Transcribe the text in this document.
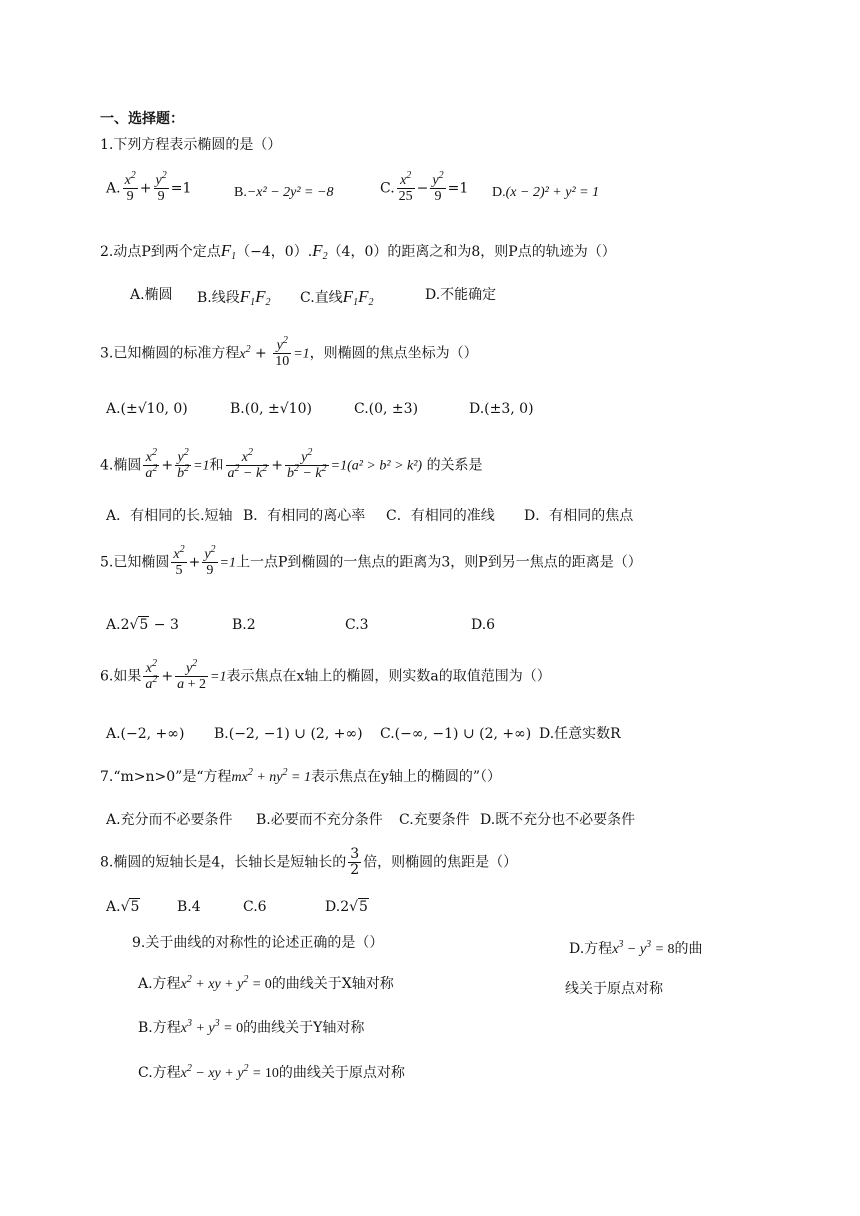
一、选择题：
1.下列方程表示椭圆的是（）
A. $\frac{x^2}{9} + \frac{y^2}{9} =1$	B.−x² − 2y² = −8	C. $\frac{x^2}{25} - \frac{y^2}{9} =1$ D.(x − 2)² + y² = 1
2.动点P到两个定点$F_1(-4$，$0).F_2(4$，0）的距离之和为8，则P点的轨迹为（）
A.椭圆 B.线段$F_1F_2$ C.直线$F_1F_2$	D.不能确定
3.已知椭圆的标准方程$x^2 + \frac{y^2}{10} =1$，则椭圆的焦点坐标为（）
A.(±√10, 0)	B.(0, ±√10)	C.(0, ±3)	D.(±3, 0)
4.椭圆 $\frac{x^2}{a^2} + \frac{y^2}{b^2} =1$和 $\frac{x^2}{a^2 - k^2} + \frac{y^2}{b^2 - k^2} =1(a^2 > b^2 > k^2)$ 的关系是
A．有相同的长.短轴 B．有相同的离心率 C．有相同的准线 D．有相同的焦点
5.已知椭圆 $\frac{x^2}{5} + \frac{y^2}{9} =1$上一点P到椭圆的一焦点的距离为3，则P到另一焦点的距离是（）
A.2√5 − 3	B.2	C.3	D.6
6.如果 $\frac{x^2}{a^2} + \frac{y^2}{a + 2} =1$表示焦点在x轴上的椭圆，则实数a的取值范围为（）
A.(−2, +∞) B.(−2, −1) ∪ (2, +∞) C.(−∞, −1) ∪ (2, +∞) D.任意实数R
7.“m>n>0”是“方程$mx^2 + ny^2 = 1$表示焦点在y轴上的椭圆的”（）
A.充分而不必要条件 B.必要而不充分条件 C.充要条件 D.既不充分也不必要条件
8.椭圆的短轴长是4，长轴长是短轴长的 $\frac{3}{2}$ 倍，则椭圆的焦距是（）
A.√5	B.4	C.6	D.2√5
9.关于曲线的对称性的论述正确的是（）
A.方程$x^2$ + xy + $y^2 = 0$的曲线关于X轴对称
B.方程$x^3 + y^3 = 0$的曲线关于Y轴对称
C.方程$x^2$ − xy + $y^2 = 10$的曲线关于原点对称
D.方程$x^3 - y^3 = 8$的曲
线关于原点对称
